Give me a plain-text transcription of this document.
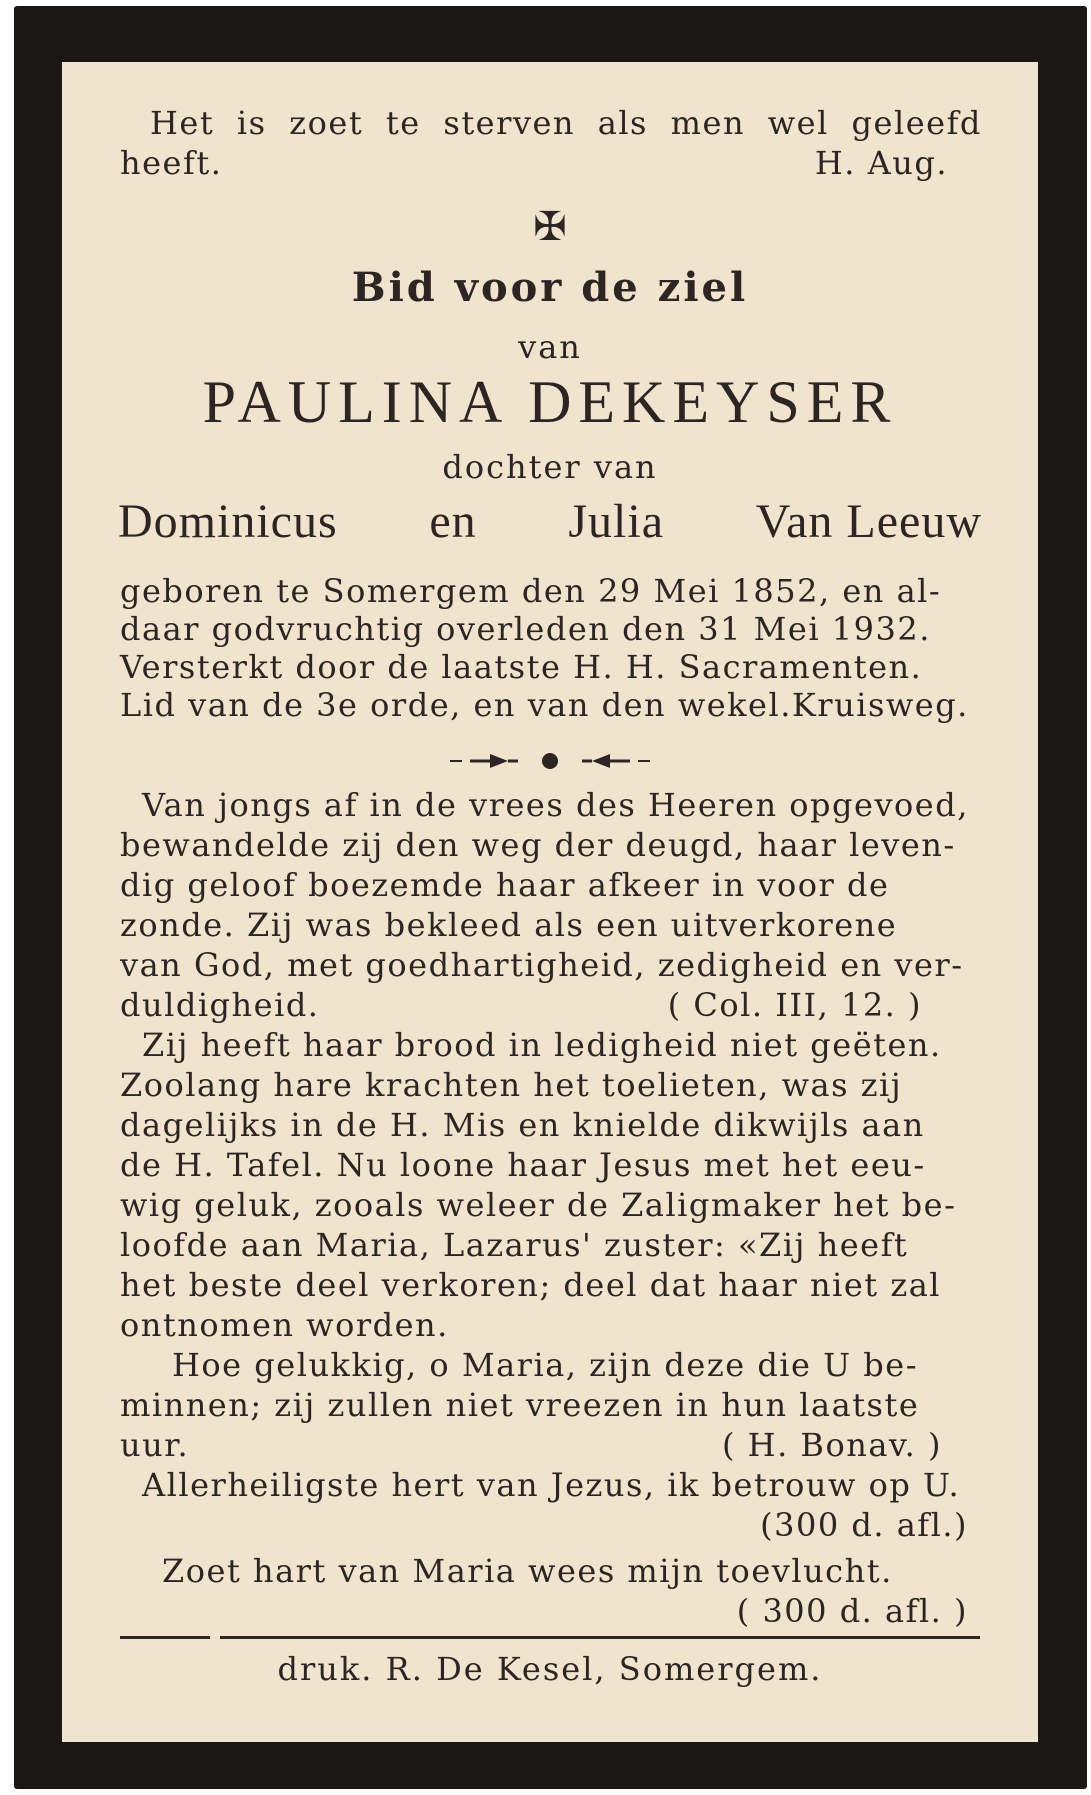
Het is zoet te sterven als men wel geleefd
heeft.	H. Aug.
✠
Bid voor de ziel
van
PAULINA DEKEYSER
dochter van
Dominicus en Julia Van Leeuw
geboren te Somergem den 29 Mei 1852, en al-
daar godvruchtig overleden den 31 Mei 1932.
Versterkt door de laatste H. H. Sacramenten.
Lid van de 3e orde, en van den wekel.Kruisweg.
Van jongs af in de vrees des Heeren opgevoed,
bewandelde zij den weg der deugd, haar leven-
dig geloof boezemde haar afkeer in voor de
zonde. Zij was bekleed als een uitverkorene
van God, met goedhartigheid, zedigheid en ver-
duldigheid.	( Col. III, 12. )
Zij heeft haar brood in ledigheid niet geëten.
Zoolang hare krachten het toelieten, was zij
dagelijks in de H. Mis en knielde dikwijls aan
de H. Tafel. Nu loone haar Jesus met het eeu-
wig geluk, zooals weleer de Zaligmaker het be-
loofde aan Maria, Lazarus' zuster: «Zij heeft
het beste deel verkoren; deel dat haar niet zal
ontnomen worden.
Hoe gelukkig, o Maria, zijn deze die U be-
minnen; zij zullen niet vreezen in hun laatste
uur.	( H. Bonav. )
Allerheiligste hert van Jezus, ik betrouw op U.
(300 d. afl.)
Zoet hart van Maria wees mijn toevlucht.
( 300 d. afl. )
druk. R. De Kesel, Somergem.
